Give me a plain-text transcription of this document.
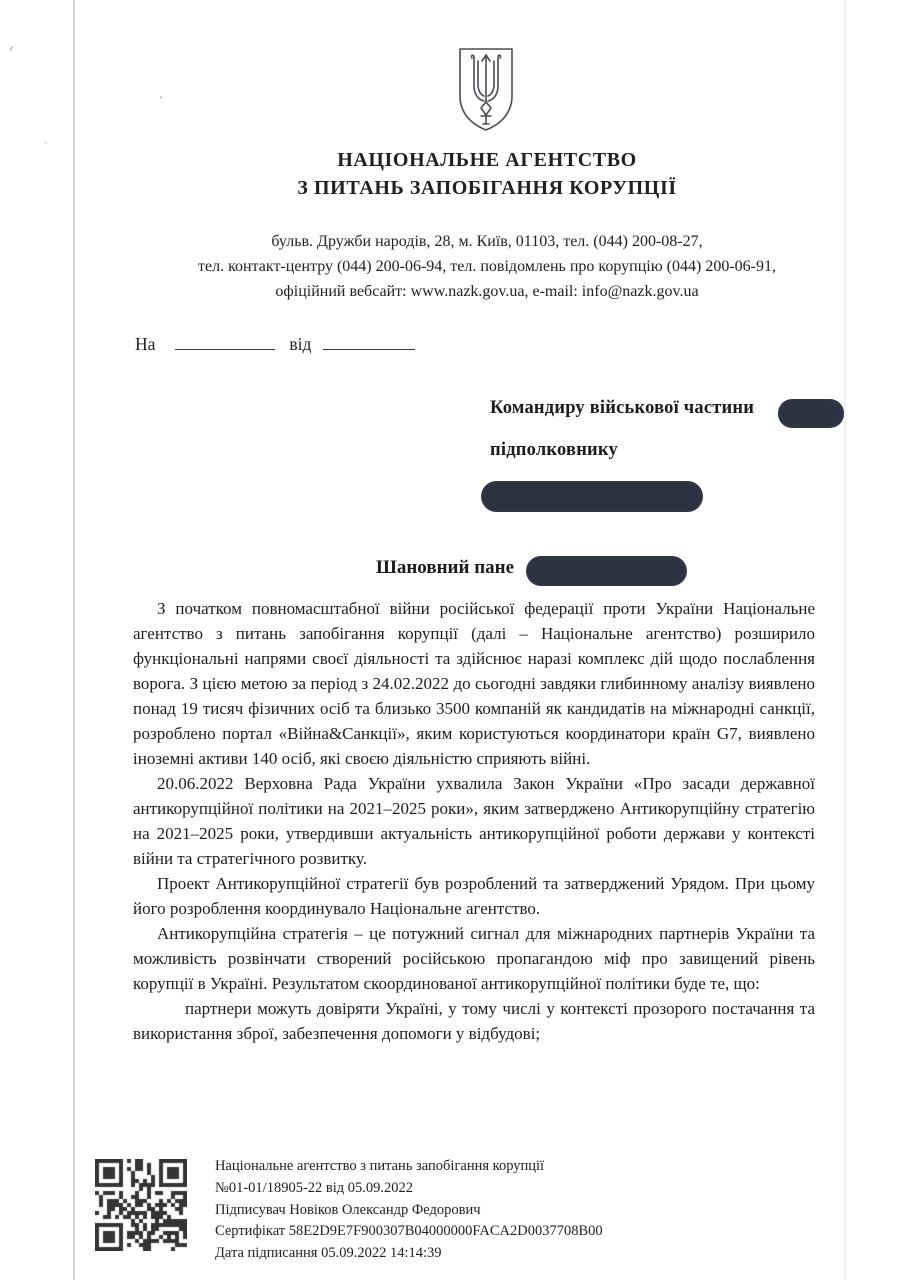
НАЦІОНАЛЬНЕ АГЕНТСТВО
З ПИТАНЬ ЗАПОБІГАННЯ КОРУПЦІЇ
бульв. Дружби народів, 28, м. Київ, 01103, тел. (044) 200-08-27,
тел. контакт-центру (044) 200-06-94, тел. повідомлень про корупцію (044) 200-06-91,
офіційний вебсайт: www.nazk.gov.ua, e-mail: info@nazk.gov.ua
На	від
Командиру військової частини
підполковнику
Шановний пане

З початком повномасштабної війни російської федерації проти України Національне агентство з питань запобігання корупції (далі – Національне агентство) розширило функціональні напрями своєї діяльності та здійснює наразі комплекс дій щодо послаблення ворога. З цією метою за період з 24.02.2022 до сьогодні завдяки глибинному аналізу виявлено понад 19 тисяч фізичних осіб та близько 3500 компаній як кандидатів на міжнародні санкції, розроблено портал «Війна&Санкції», яким користуються координатори країн G7, виявлено іноземні активи 140 осіб, які своєю діяльністю сприяють війні.

20.06.2022 Верховна Рада України ухвалила Закон України «Про засади державної антикорупційної політики на 2021–2025 роки», яким затверджено Антикорупційну стратегію на 2021–2025 роки, утвердивши актуальність антикорупційної роботи держави у контексті війни та стратегічного розвитку.

Проект Антикорупційної стратегії був розроблений та затверджений Урядом. При цьому його розроблення координувало Національне агентство.

Антикорупційна стратегія – це потужний сигнал для міжнародних партнерів України та можливість розвінчати створений російською пропагандою міф про завищений рівень корупції в Україні. Результатом скоординованої антикорупційної політики буде те, що:

партнери можуть довіряти Україні, у тому числі у контексті прозорого постачання та використання зброї, забезпечення допомоги у відбудові;

Національне агентство з питань запобігання корупції
№01-01/18905-22 від 05.09.2022
Підписувач Новіков Олександр Федорович
Сертифікат 58E2D9E7F900307B04000000FACA2D0037708B00
Дата підписання 05.09.2022 14:14:39
